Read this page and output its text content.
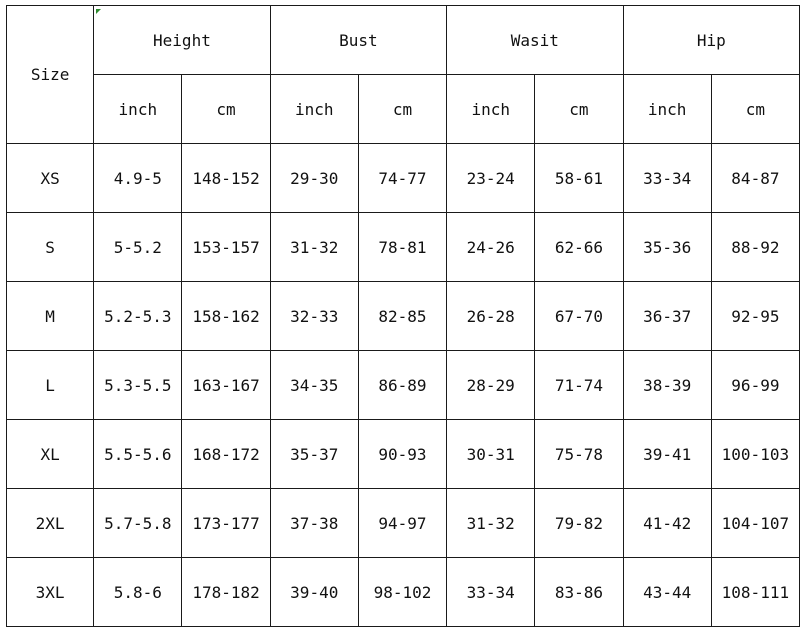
Size	Height		Bust		Wasit		Hip	
	inch	cm	inch	cm	inch	cm	inch	cm
XS	4.9-5	148-152	29-30	74-77	23-24	58-61	33-34	84-87
S	5-5.2	153-157	31-32	78-81	24-26	62-66	35-36	88-92
M	5.2-5.3	158-162	32-33	82-85	26-28	67-70	36-37	92-95
L	5.3-5.5	163-167	34-35	86-89	28-29	71-74	38-39	96-99
XL	5.5-5.6	168-172	35-37	90-93	30-31	75-78	39-41	100-103
2XL	5.7-5.8	173-177	37-38	94-97	31-32	79-82	41-42	104-107
3XL	5.8-6	178-182	39-40	98-102	33-34	83-86	43-44	108-111
